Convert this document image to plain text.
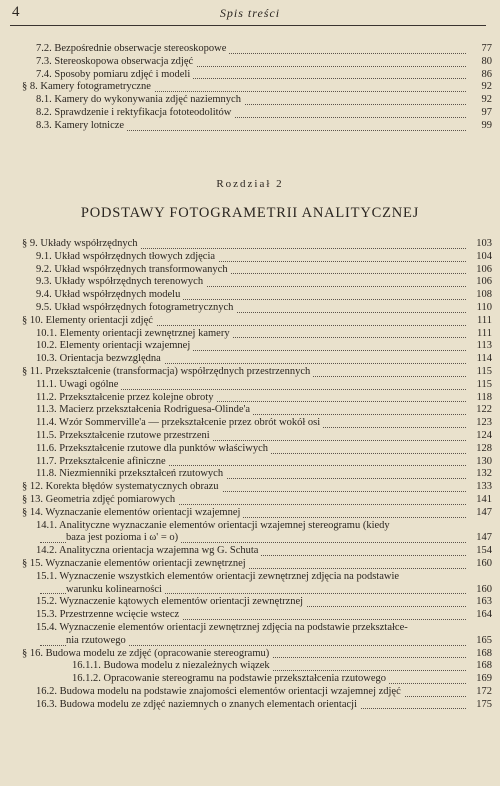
4	Spis treści
7.2. Bezpośrednie obserwacje stereoskopowe	77
7.3. Stereoskopowa obserwacja zdjęć	80
7.4. Sposoby pomiaru zdjęć i modeli	86
§ 8. Kamery fotogrametryczne	92
8.1. Kamery do wykonywania zdjęć naziemnych	92
8.2. Sprawdzenie i rektyfikacja fototeodolitów	97
8.3. Kamery lotnicze	99
Rozdział 2
PODSTAWY FOTOGRAMETRII ANALITYCZNEJ
§ 9. Układy współrzędnych	103
9.1. Układ współrzędnych tłowych zdjęcia	104
9.2. Układ współrzędnych transformowanych	106
9.3. Układy współrzędnych terenowych	106
9.4. Układ współrzędnych modelu	108
9.5. Układ współrzędnych fotogrametrycznych	110
§ 10. Elementy orientacji zdjęć	111
10.1. Elementy orientacji zewnętrznej kamery	111
10.2. Elementy orientacji wzajemnej	113
10.3. Orientacja bezwzględna	114
§ 11. Przekształcenie (transformacja) współrzędnych przestrzennych	115
11.1. Uwagi ogólne	115
11.2. Przekształcenie przez kolejne obroty	118
11.3. Macierz przekształcenia Rodriguesa-Olinde'a	122
11.4. Wzór Sommerville'a — przekształcenie przez obrót wokół osi	123
11.5. Przekształcenie rzutowe przestrzeni	124
11.6. Przekształcenie rzutowe dla punktów właściwych	128
11.7. Przekształcenie afiniczne	130
11.8. Niezmienniki przekształceń rzutowych	132
§ 12. Korekta błędów systematycznych obrazu	133
§ 13. Geometria zdjęć pomiarowych	141
§ 14. Wyznaczanie elementów orientacji wzajemnej	147
14.1. Analityczne wyznaczanie elementów orientacji wzajemnej stereogramu (kiedy
baza jest pozioma i ω' = o)	147
14.2. Analityczna orientacja wzajemna wg G. Schuta	154
§ 15. Wyznaczanie elementów orientacji zewnętrznej	160
15.1. Wyznaczenie wszystkich elementów orientacji zewnętrznej zdjęcia na podstawie
warunku kolinearności	160
15.2. Wyznaczenie kątowych elementów orientacji zewnętrznej	163
15.3. Przestrzenne wcięcie wstecz	164
15.4. Wyznaczenie elementów orientacji zewnętrznej zdjęcia na podstawie przekształce-
nia rzutowego	165
§ 16. Budowa modelu ze zdjęć (opracowanie stereogramu)	168
16.1.1. Budowa modelu z niezależnych wiązek	168
16.1.2. Opracowanie stereogramu na podstawie przekształcenia rzutowego	169
16.2. Budowa modelu na podstawie znajomości elementów orientacji wzajemnej zdjęć	172
16.3. Budowa modelu ze zdjęć naziemnych o znanych elementach orientacji	175
